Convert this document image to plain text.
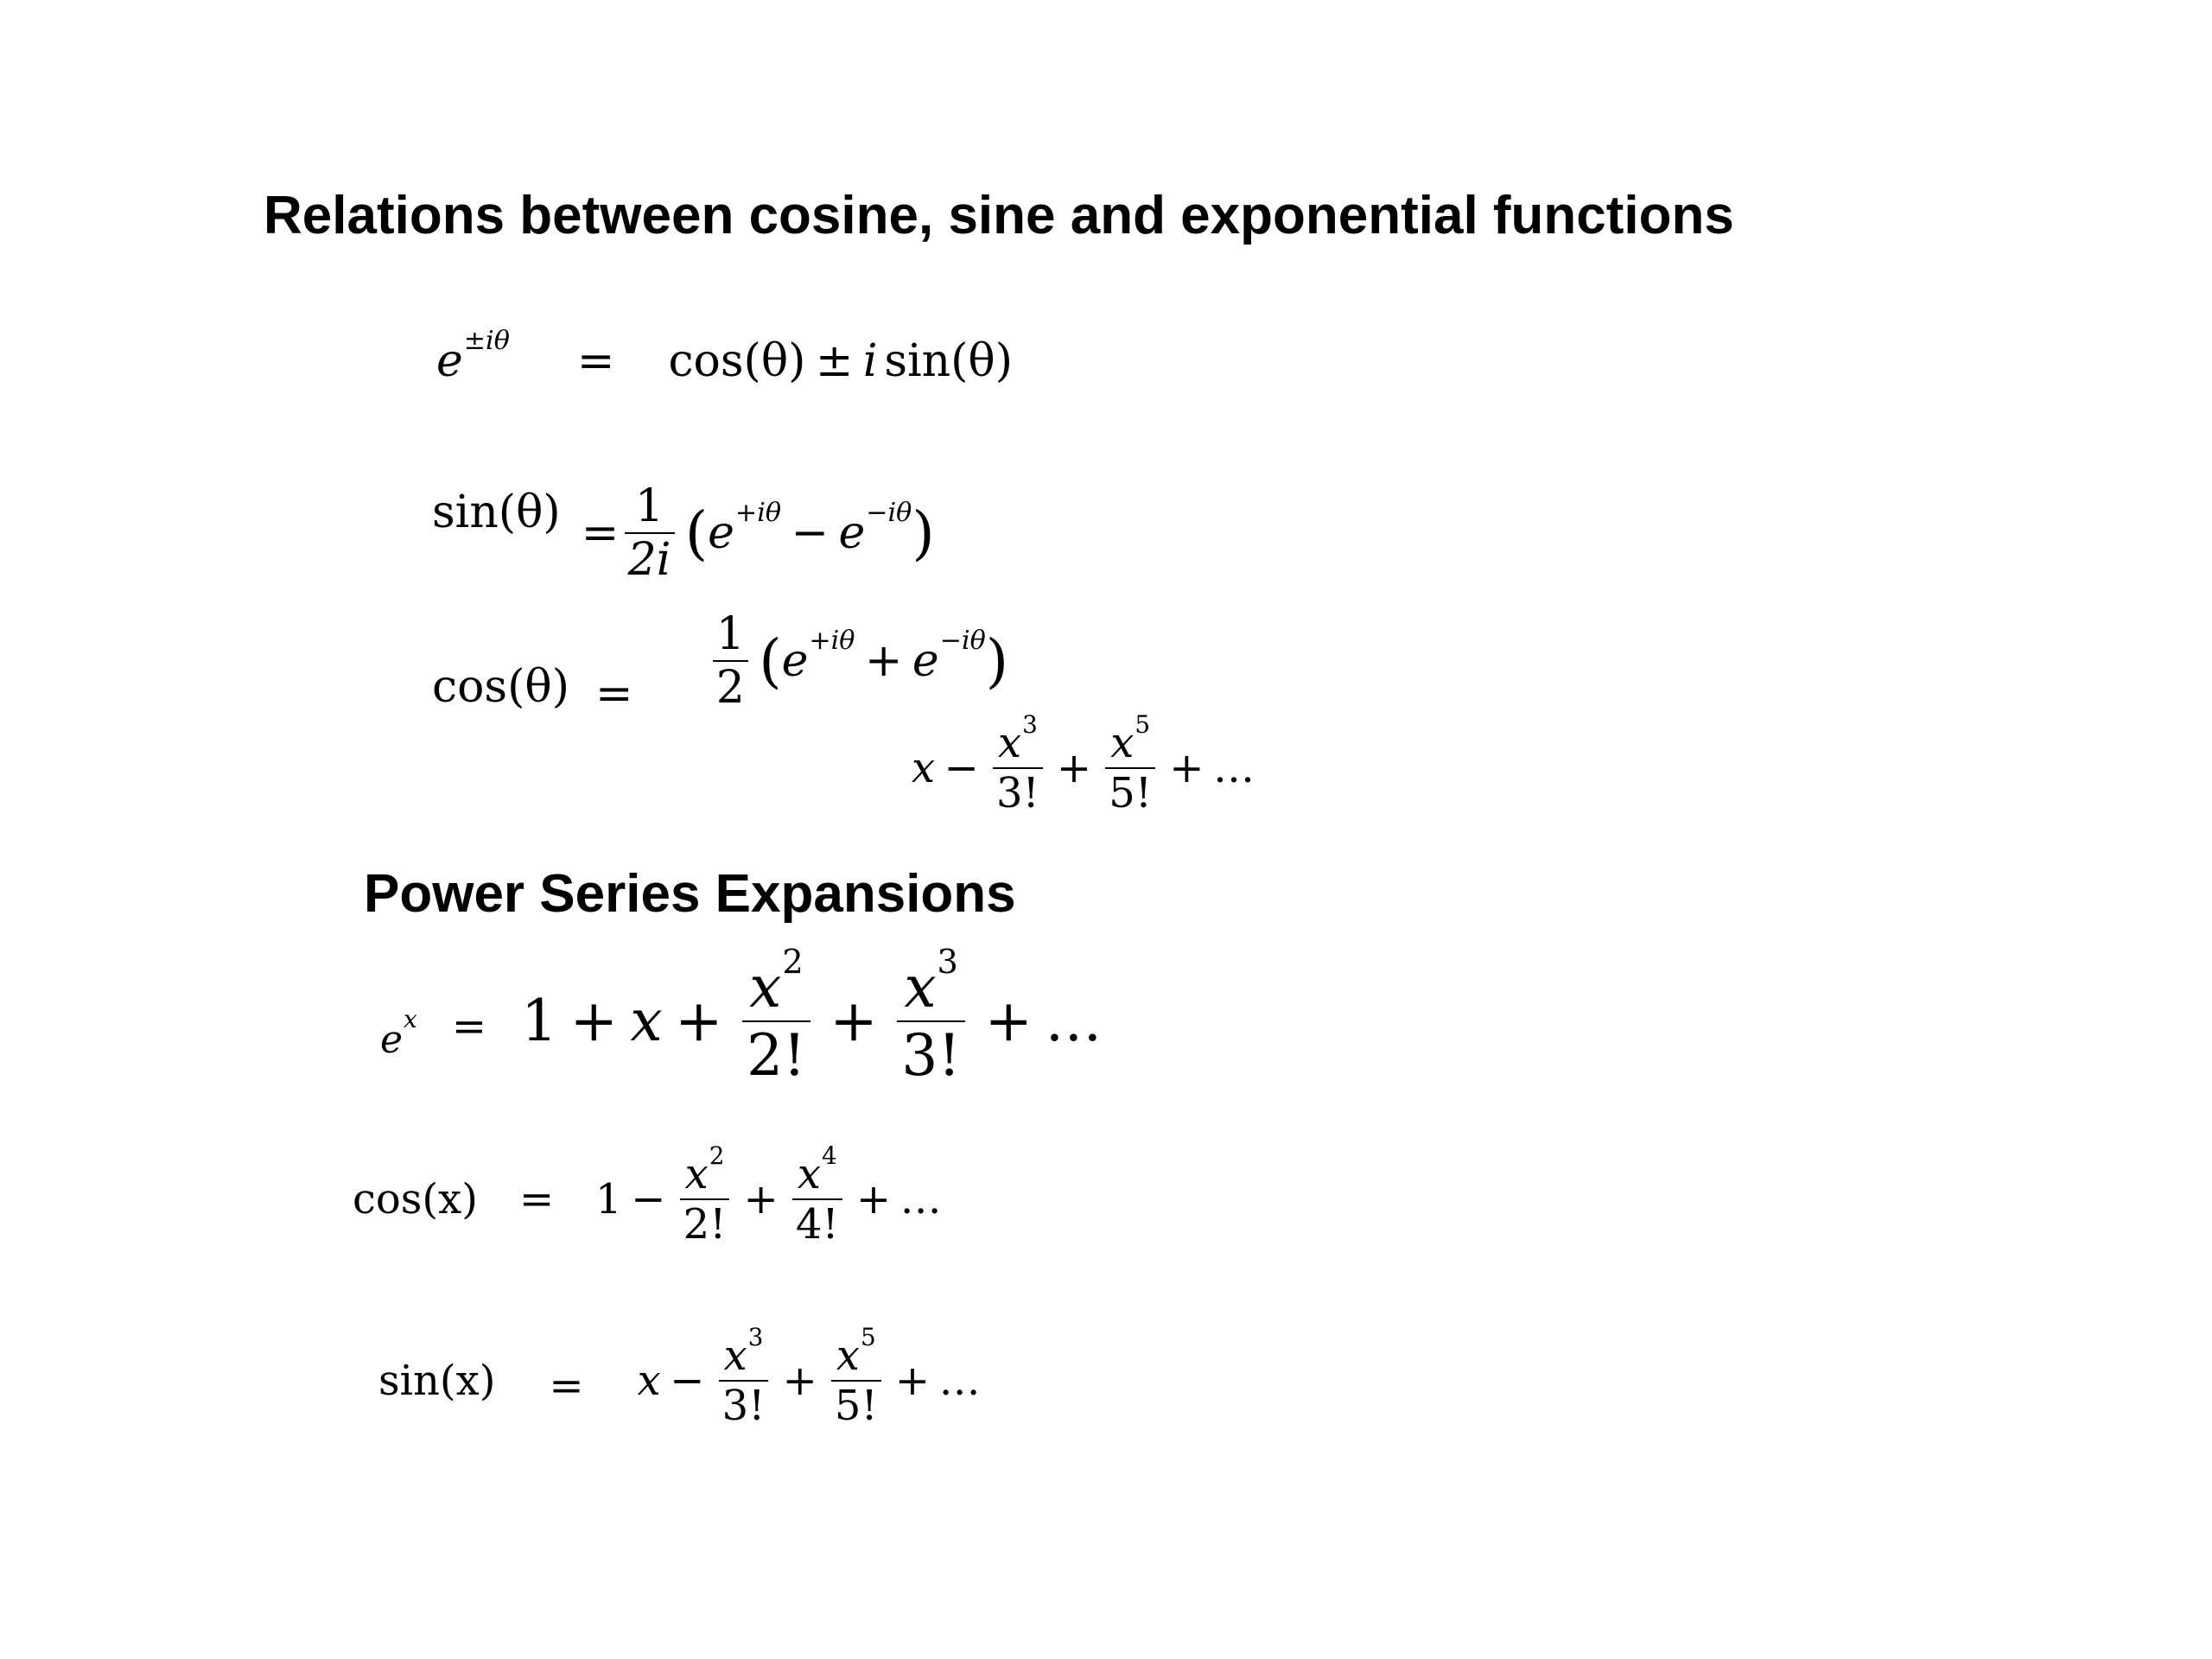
Relations between cosine, sine and exponential functions
$e^{\pm i\theta} = \cos(\theta) \pm i$ sin(θ)
$\sin(\theta) = \frac{1}{2i}$ ( $e^{+i\theta} - e^{-i\theta}$ )
$\cos(\theta) = \frac{1}{2}$ ( $e^{+i\theta} + e^{-i\theta}$ )
$x - \frac{x^3}{3!} + \frac{x^5}{5!}$ + …
Power Series Expansions
$e^x = 1 + x + \frac{x^2}{2!} + \frac{x^3}{3!}$ + …
$\cos(x) = 1 - \frac{x^2}{2!} + \frac{x^4}{4!}$ + …
$\sin(x) = x - \frac{x^3}{3!} + \frac{x^5}{5!}$ + …
